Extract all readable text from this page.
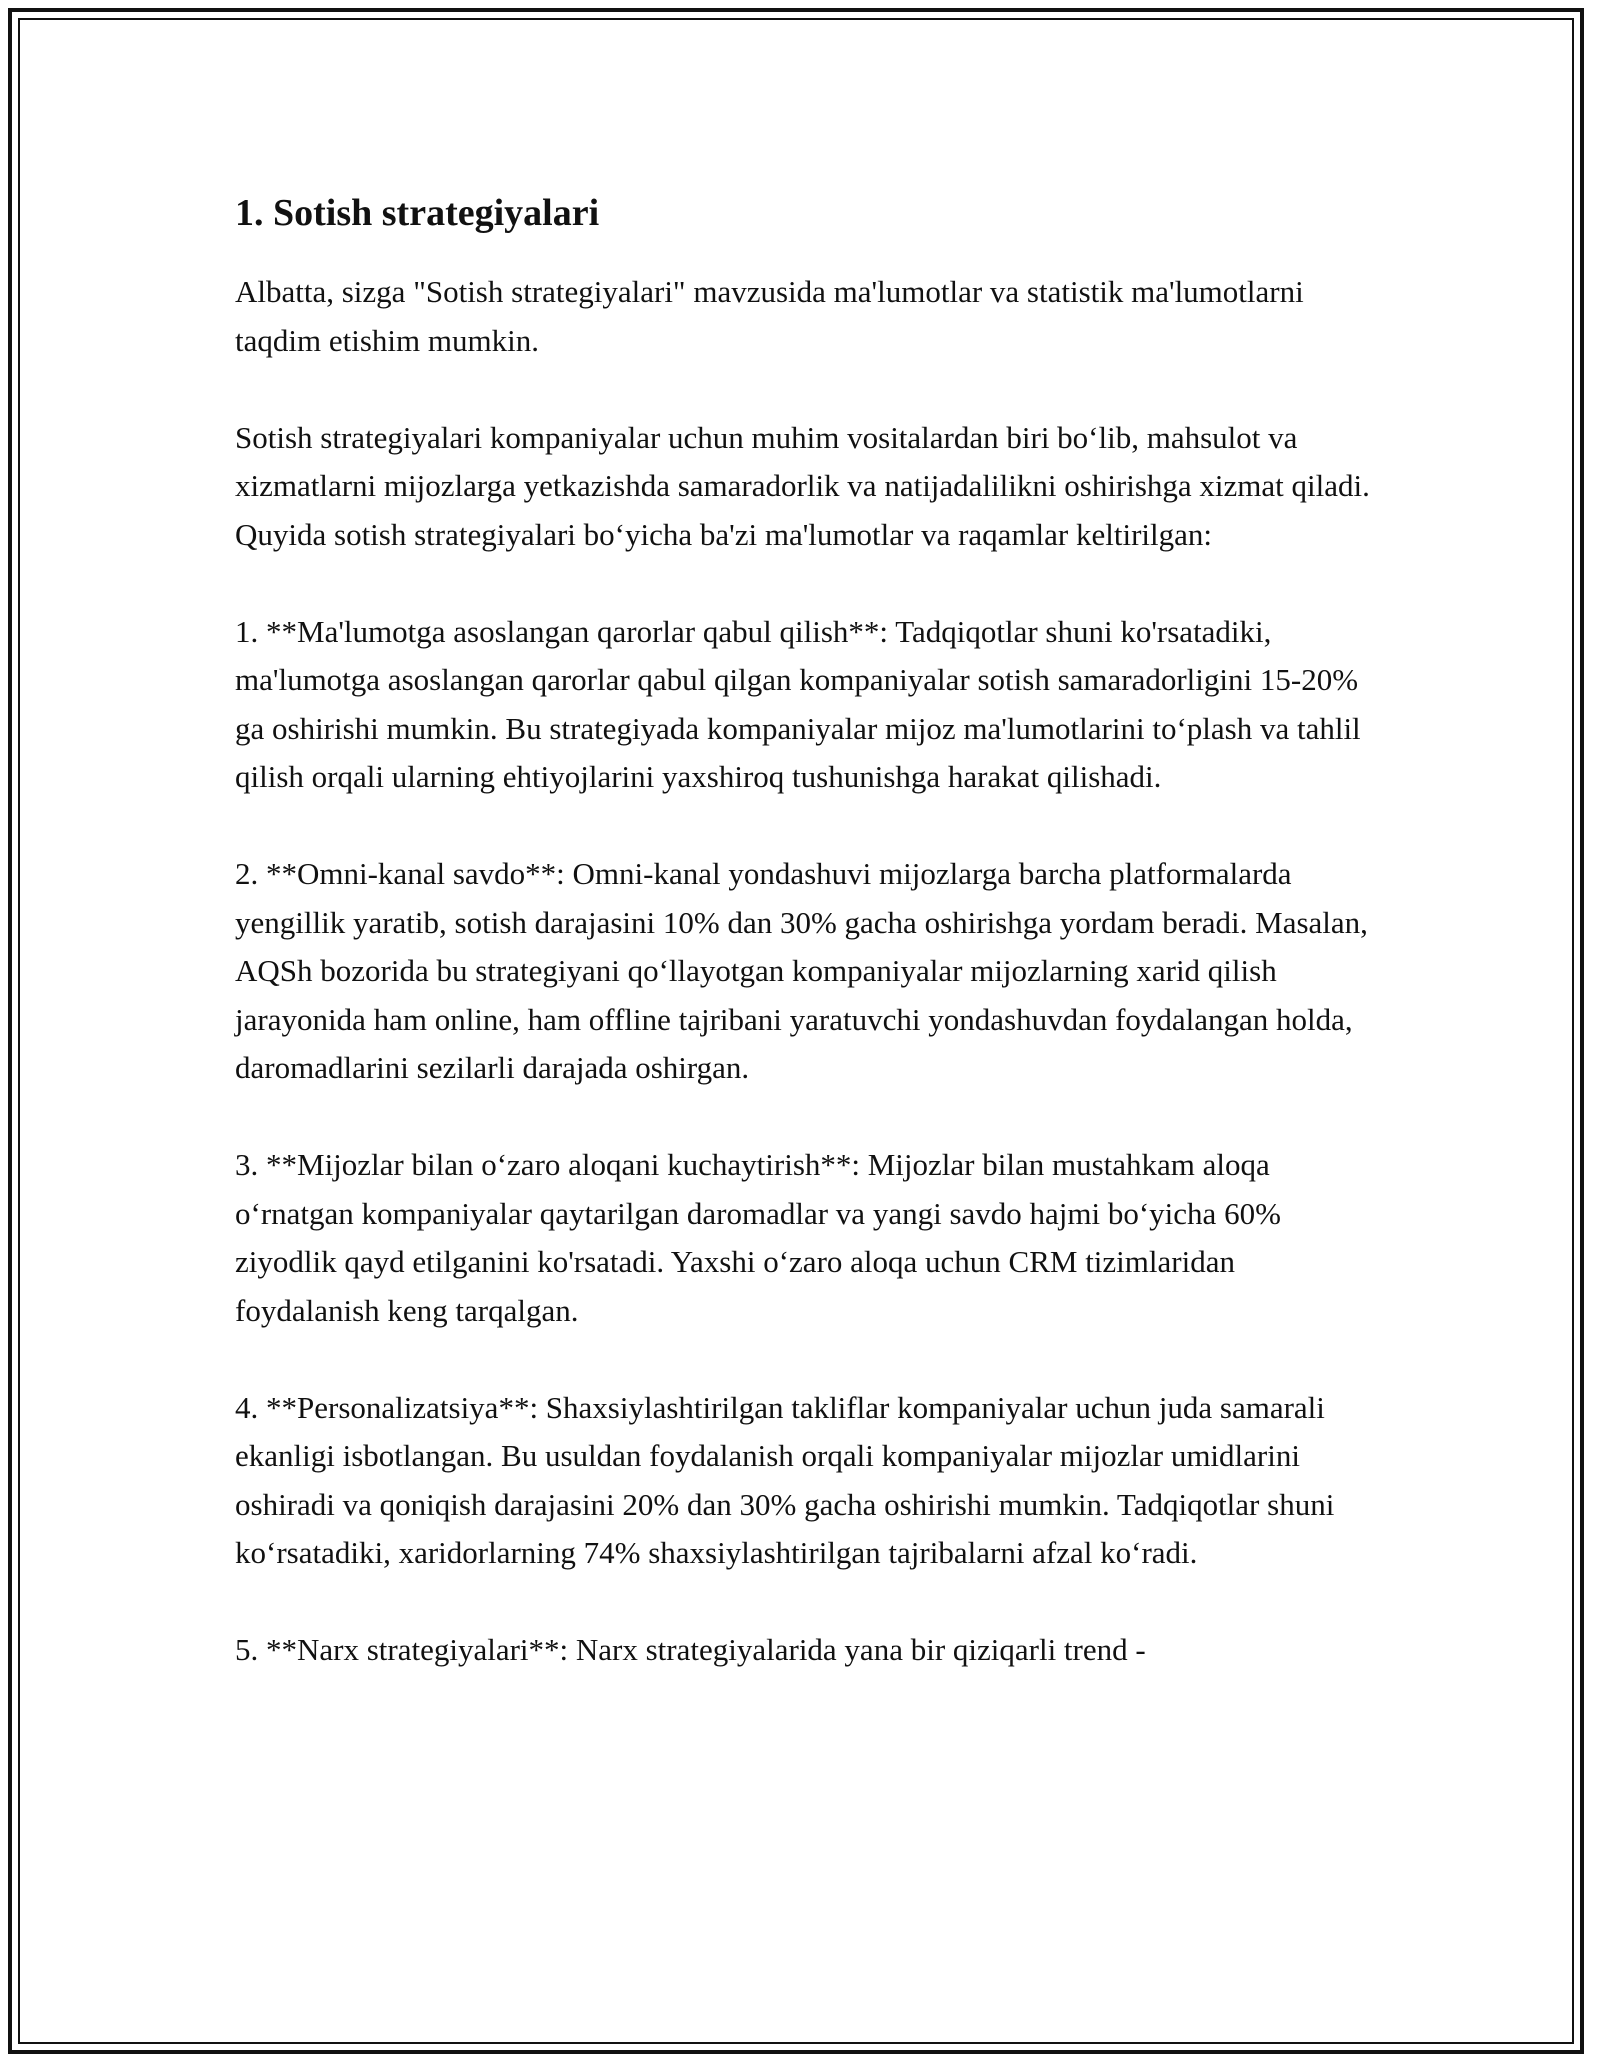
1. Sotish strategiyalari

Albatta, sizga "Sotish strategiyalari" mavzusida ma'lumotlar va statistik ma'lumotlarni taqdim etishim mumkin.

Sotish strategiyalari kompaniyalar uchun muhim vositalardan biri bo‘lib, mahsulot va xizmatlarni mijozlarga yetkazishda samaradorlik va natijadalilikni oshirishga xizmat qiladi. Quyida sotish strategiyalari bo‘yicha ba'zi ma'lumotlar va raqamlar keltirilgan:

1. **Ma'lumotga asoslangan qarorlar qabul qilish**: Tadqiqotlar shuni ko'rsatadiki, ma'lumotga asoslangan qarorlar qabul qilgan kompaniyalar sotish samaradorligini 15-20% ga oshirishi mumkin. Bu strategiyada kompaniyalar mijoz ma'lumotlarini to‘plash va tahlil qilish orqali ularning ehtiyojlarini yaxshiroq tushunishga harakat qilishadi.

2. **Omni-kanal savdo**: Omni-kanal yondashuvi mijozlarga barcha platformalarda yengillik yaratib, sotish darajasini 10% dan 30% gacha oshirishga yordam beradi. Masalan, AQSh bozorida bu strategiyani qo‘llayotgan kompaniyalar mijozlarning xarid qilish jarayonida ham online, ham offline tajribani yaratuvchi yondashuvdan foydalangan holda, daromadlarini sezilarli darajada oshirgan.

3. **Mijozlar bilan o‘zaro aloqani kuchaytirish**: Mijozlar bilan mustahkam aloqa o‘rnatgan kompaniyalar qaytarilgan daromadlar va yangi savdo hajmi bo‘yicha 60% ziyodlik qayd etilganini ko'rsatadi. Yaxshi o‘zaro aloqa uchun CRM tizimlaridan foydalanish keng tarqalgan.

4. **Personalizatsiya**: Shaxsiylashtirilgan takliflar kompaniyalar uchun juda samarali ekanligi isbotlangan. Bu usuldan foydalanish orqali kompaniyalar mijozlar umidlarini oshiradi va qoniqish darajasini 20% dan 30% gacha oshirishi mumkin. Tadqiqotlar shuni ko‘rsatadiki, xaridorlarning 74% shaxsiylashtirilgan tajribalarni afzal ko‘radi.

5. **Narx strategiyalari**: Narx strategiyalarida yana bir qiziqarli trend -
